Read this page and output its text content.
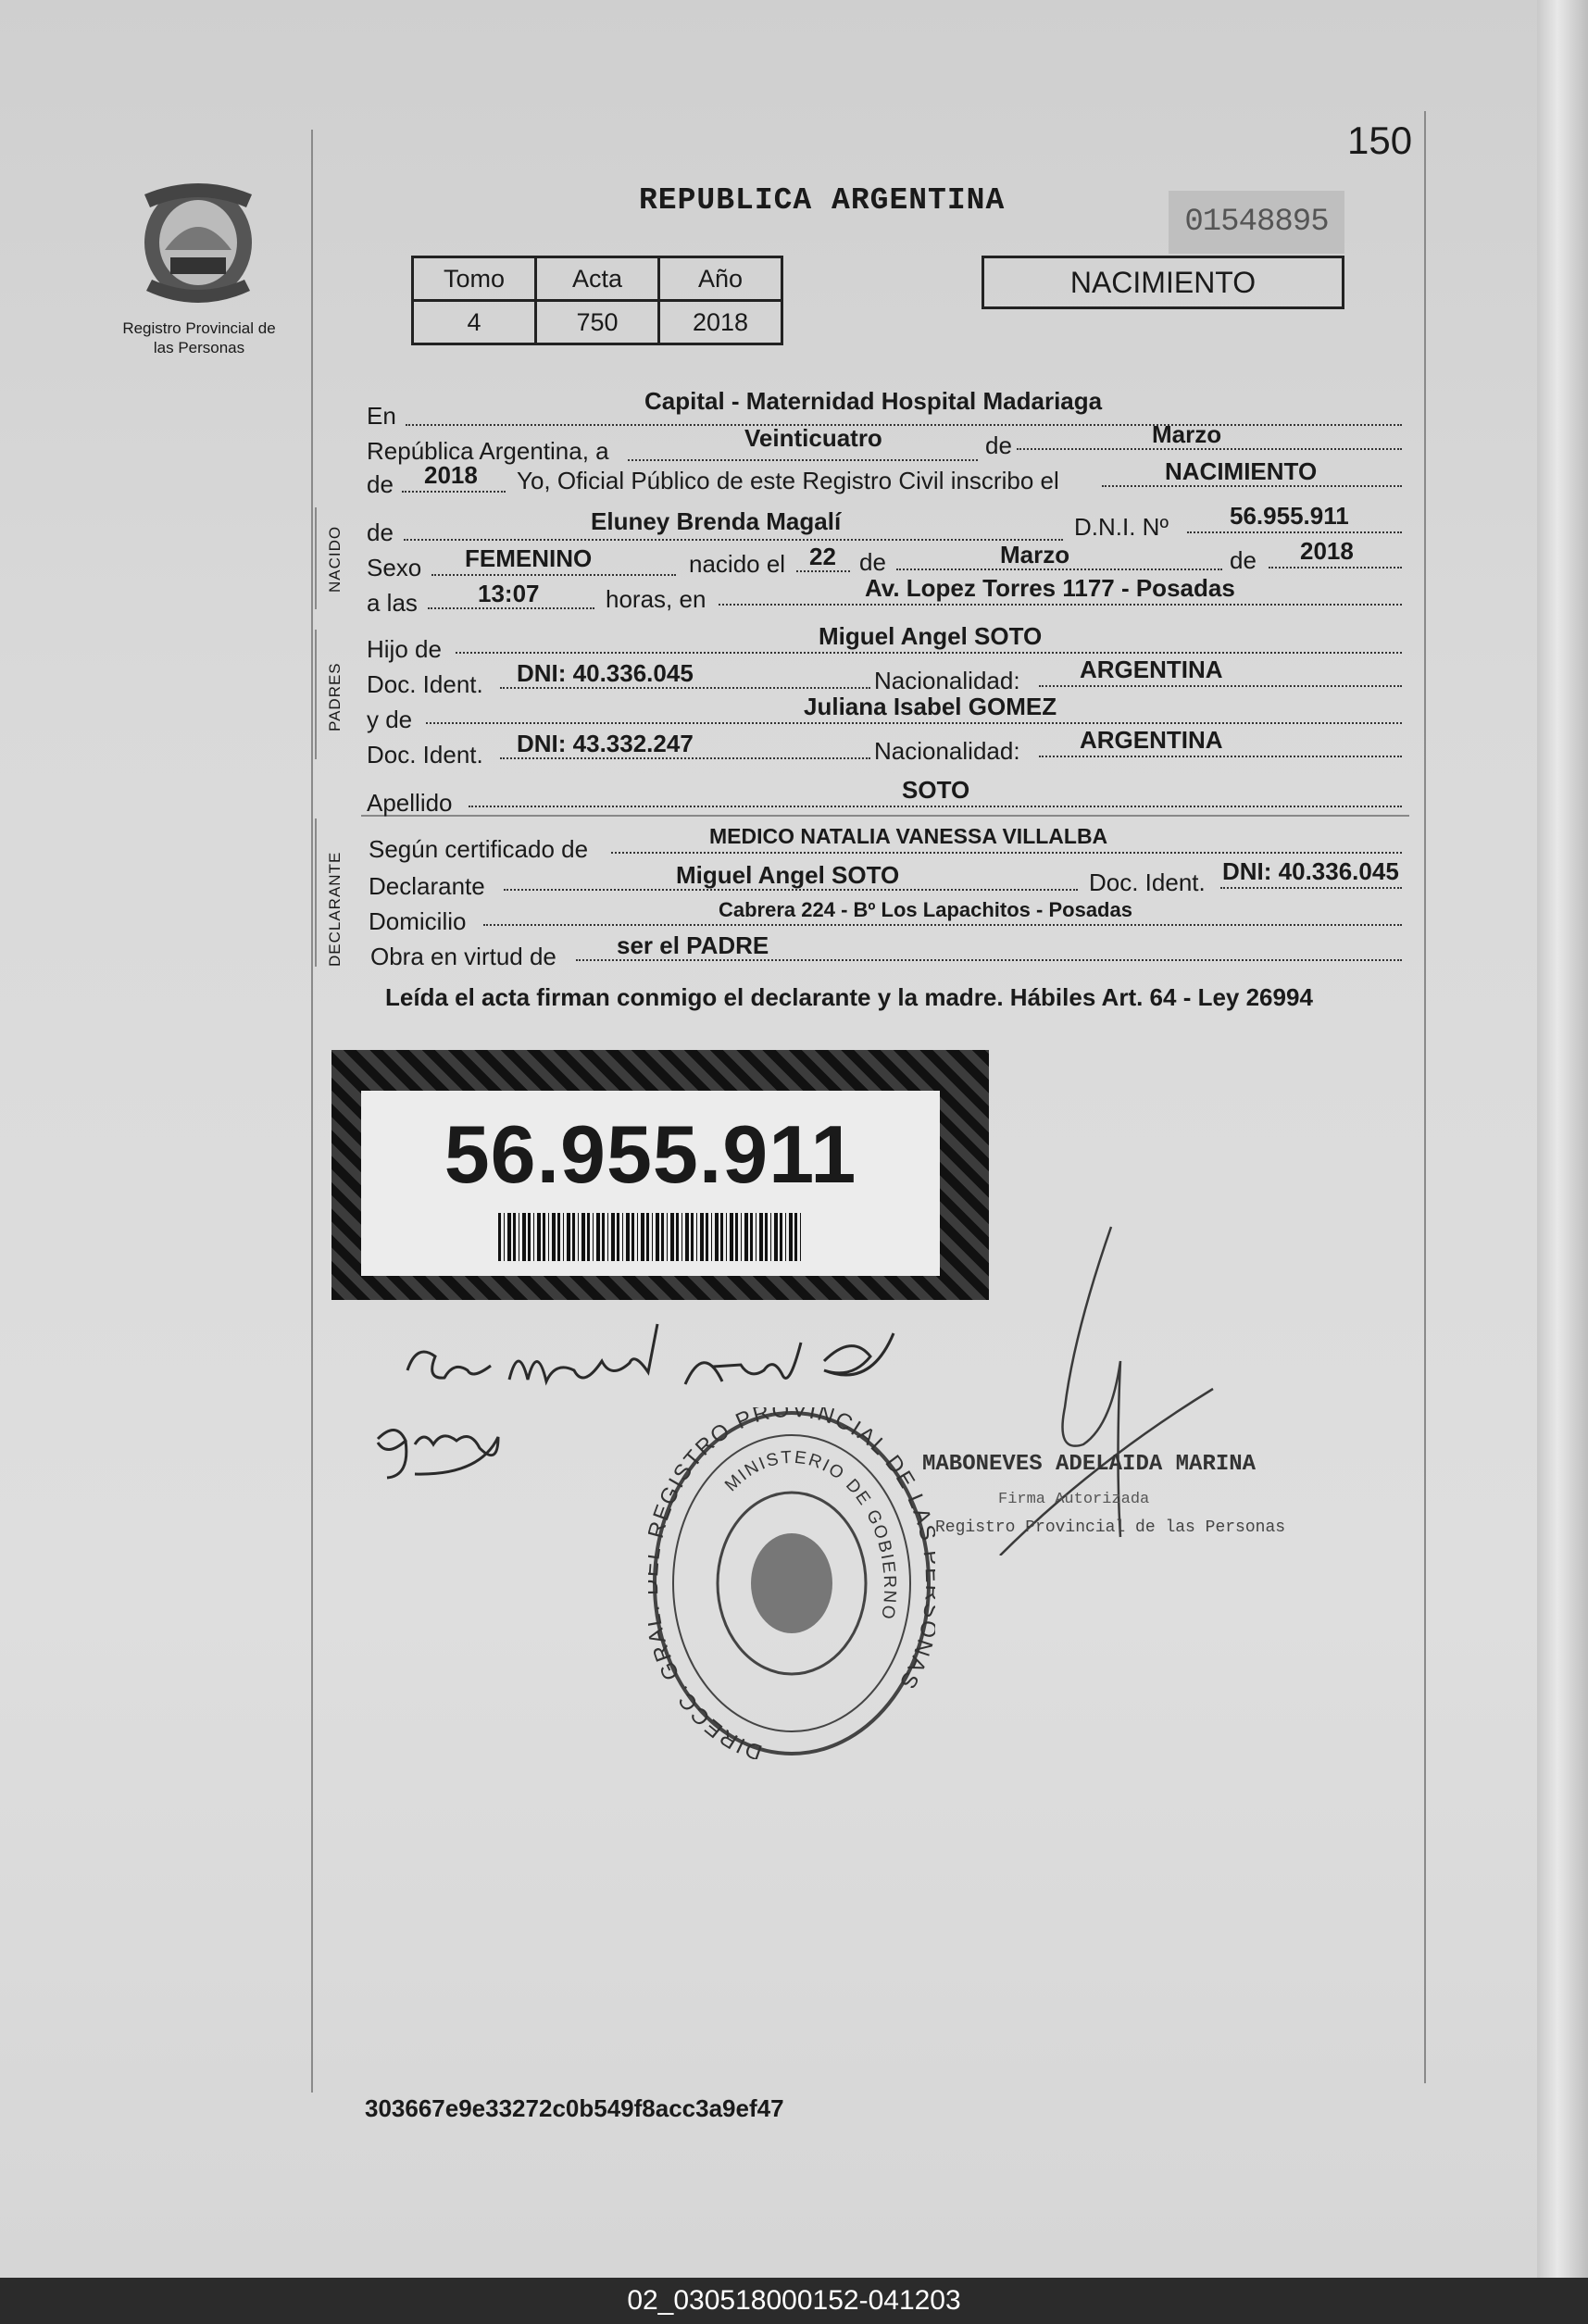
150
Registro Provincial de las Personas
REPUBLICA ARGENTINA
01548895
NACIMIENTO
Tomo	Acta	Año
4	750	2018
NACIDO
PADRES
DECLARANTE
En
Capital - Maternidad Hospital Madariaga
República Argentina, a	Veinticuatro	de	Marzo
de 2018 Yo, Oficial Público de este Registro Civil inscribo el	NACIMIENTO
de	Eluney Brenda Magalí	D.N.I. Nº	56.955.911
Sexo FEMENINO	nacido el 22 de	Marzo	de 2018
a las	13:07	horas, en	Av. Lopez Torres 1177 - Posadas
Hijo de	Miguel Angel SOTO
Doc. Ident. DNI: 40.336.045	Nacionalidad: ARGENTINA
y de	Juliana Isabel GOMEZ
Doc. Ident. DNI: 43.332.247	Nacionalidad: ARGENTINA
Apellido	SOTO
Según certificado de	MEDICO NATALIA VANESSA VILLALBA
Declarante	Miguel Angel SOTO	Doc. Ident. DNI: 40.336.045
Domicilio	Cabrera 224 - Bº Los Lapachitos - Posadas
Obra en virtud de	ser el PADRE
Leída el acta firman conmigo el declarante y la madre. Hábiles Art. 64 - Ley 26994
56.955.911
MABONEVES ADELAIDA MARINA
Firma Autorizada
Registro Provincial de las Personas
DIRECC. GR EGISTRO PROVINCIAL DE LA NAS
MINISTERIO DE GOBIERNO
303667e9e33272c0b549f8acc3a9ef47
02_030518000152-041203
